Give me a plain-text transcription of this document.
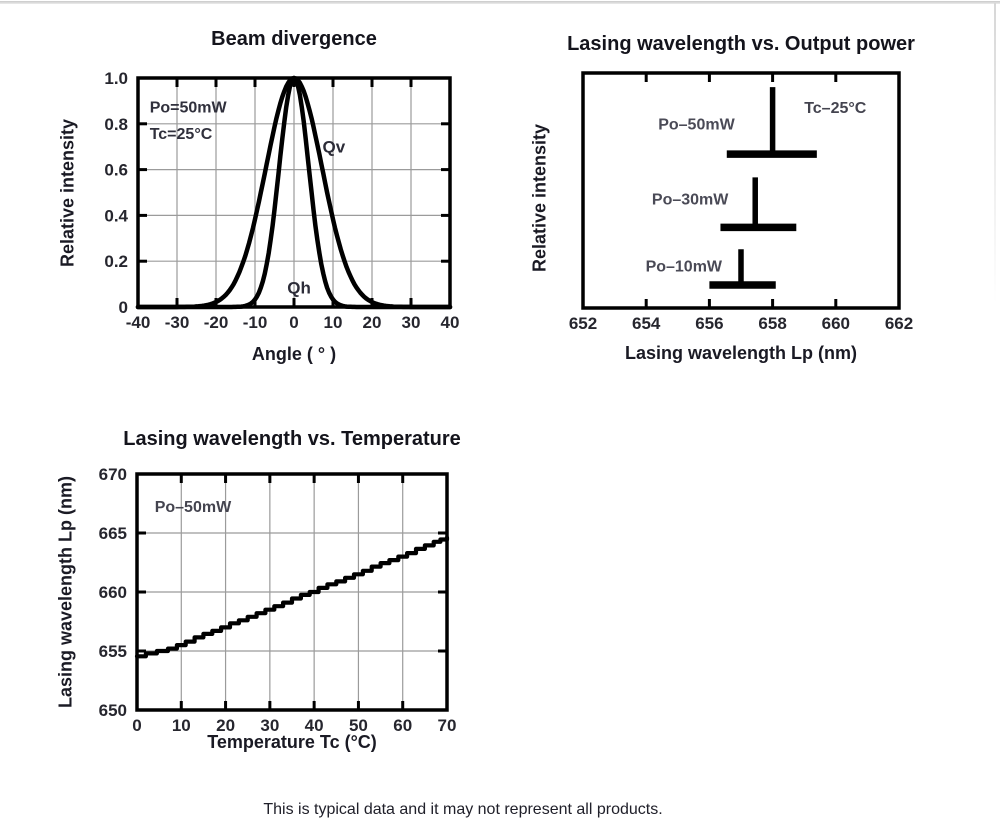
Beam divergence
Relative intensity	Qv
Qh
-40 -30 -20 -10 0 10 20 30 40
0
0.2
0.4
0.6
0.8
1.0
Po=50mW
Tc=25°C
Angle ( ° )
Lasing wavelength vs. Output power
Relative intensity	Po–50mW
Po–30mW
Po–10mW
652 654 656 658 660 662
Tc–25°C
Lasing wavelength Lp (nm)
Lasing wavelength vs. Temperature
Lasing wavelength Lp (nm)
0 10 20 30 40 50 60 70
650
655
660
665
670
Po–50mW
Temperature Tc (°C)

This is typical data and it may not represent all products.
